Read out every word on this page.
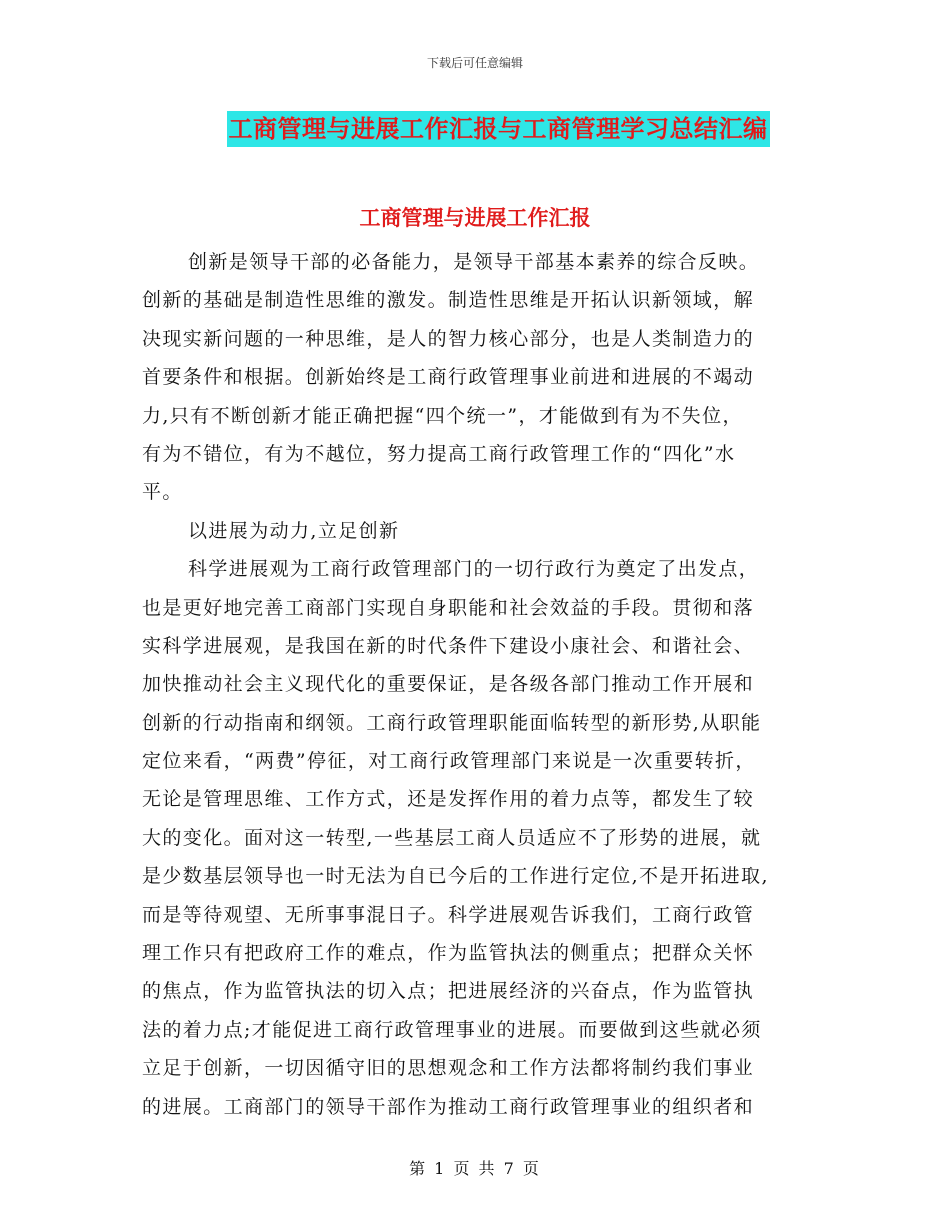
下载后可任意编辑
工商管理与进展工作汇报与工商管理学习总结汇编
工商管理与进展工作汇报
创新是领导干部的必备能力，是领导干部基本素养的综合反映。
创新的基础是制造性思维的激发。制造性思维是开拓认识新领域，解
决现实新问题的一种思维，是人的智力核心部分，也是人类制造力的
首要条件和根据。创新始终是工商行政管理事业前进和进展的不竭动
力,只有不断创新才能正确把握“四个统一”，才能做到有为不失位，
有为不错位，有为不越位，努力提高工商行政管理工作的“四化”水
平。
以进展为动力,立足创新
科学进展观为工商行政管理部门的一切行政行为奠定了出发点，
也是更好地完善工商部门实现自身职能和社会效益的手段。贯彻和落
实科学进展观，是我国在新的时代条件下建设小康社会、和谐社会、
加快推动社会主义现代化的重要保证，是各级各部门推动工作开展和
创新的行动指南和纲领。工商行政管理职能面临转型的新形势,从职能
定位来看，“两费”停征，对工商行政管理部门来说是一次重要转折，
无论是管理思维、工作方式，还是发挥作用的着力点等，都发生了较
大的变化。面对这一转型,一些基层工商人员适应不了形势的进展，就
是少数基层领导也一时无法为自已今后的工作进行定位,不是开拓进取,
而是等待观望、无所事事混日子。科学进展观告诉我们，工商行政管
理工作只有把政府工作的难点，作为监管执法的侧重点；把群众关怀
的焦点，作为监管执法的切入点；把进展经济的兴奋点，作为监管执
法的着力点;才能促进工商行政管理事业的进展。而要做到这些就必须
立足于创新，一切因循守旧的思想观念和工作方法都将制约我们事业
的进展。工商部门的领导干部作为推动工商行政管理事业的组织者和
第 1 页 共 7 页
